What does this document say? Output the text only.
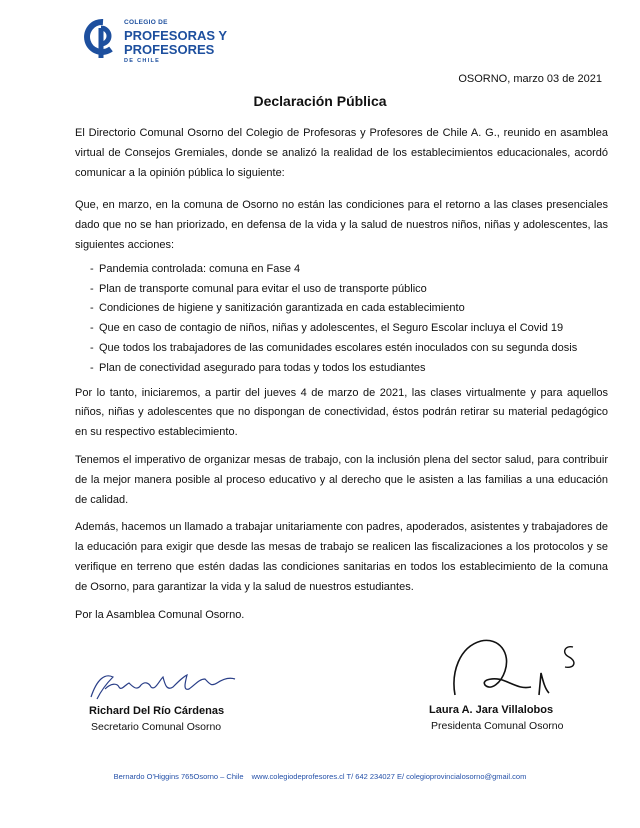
COLEGIO DE
PROFESORAS Y
PROFESORES
DE CHILE
OSORNO, marzo 03 de 2021
Declaración Pública

El Directorio Comunal Osorno del Colegio de Profesoras y Profesores de Chile A. G., reunido en asamblea virtual de Consejos Gremiales, donde se analizó la realidad de los establecimientos educacionales, acordó comunicar a la opinión pública lo siguiente:

Que, en marzo, en la comuna de Osorno no están las condiciones para el retorno a las clases presenciales dado que no se han priorizado, en defensa de la vida y la salud de nuestros niños, niñas y adolescentes, las siguientes acciones:

- Pandemia controlada: comuna en Fase 4
- Plan de transporte comunal para evitar el uso de transporte público
- Condiciones de higiene y sanitización garantizada en cada establecimiento
- Que en caso de contagio de niños, niñas y adolescentes, el Seguro Escolar incluya el Covid 19
- Que todos los trabajadores de las comunidades escolares estén inoculados con su segunda dosis
- Plan de conectividad asegurado para todas y todos los estudiantes

Por lo tanto, iniciaremos, a partir del jueves 4 de marzo de 2021, las clases virtualmente y para aquellos niños, niñas y adolescentes que no dispongan de conectividad, éstos podrán retirar su material pedagógico en su respectivo establecimiento.

Tenemos el imperativo de organizar mesas de trabajo, con la inclusión plena del sector salud, para contribuir de la mejor manera posible al proceso educativo y al derecho que le asisten a las familias a una educación de calidad.

Además, hacemos un llamado a trabajar unitariamente con padres, apoderados, asistentes y trabajadores de la educación para exigir que desde las mesas de trabajo se realicen las fiscalizaciones a los protocolos y se verifique en terreno que estén dadas las condiciones sanitarias en todos los establecimiento de la comuna de Osorno, para garantizar la vida y la salud de nuestros estudiantes.

Por la Asamblea Comunal Osorno.

Richard Del Río Cárdenas
Secretario Comunal Osorno
Laura A. Jara Villalobos
Presidenta Comunal Osorno
Bernardo O'Higgins 765Osorno – Chile www.colegiodeprofesores.cl T/ 642 234027 E/ colegioprovincialosorno@gmail.com
